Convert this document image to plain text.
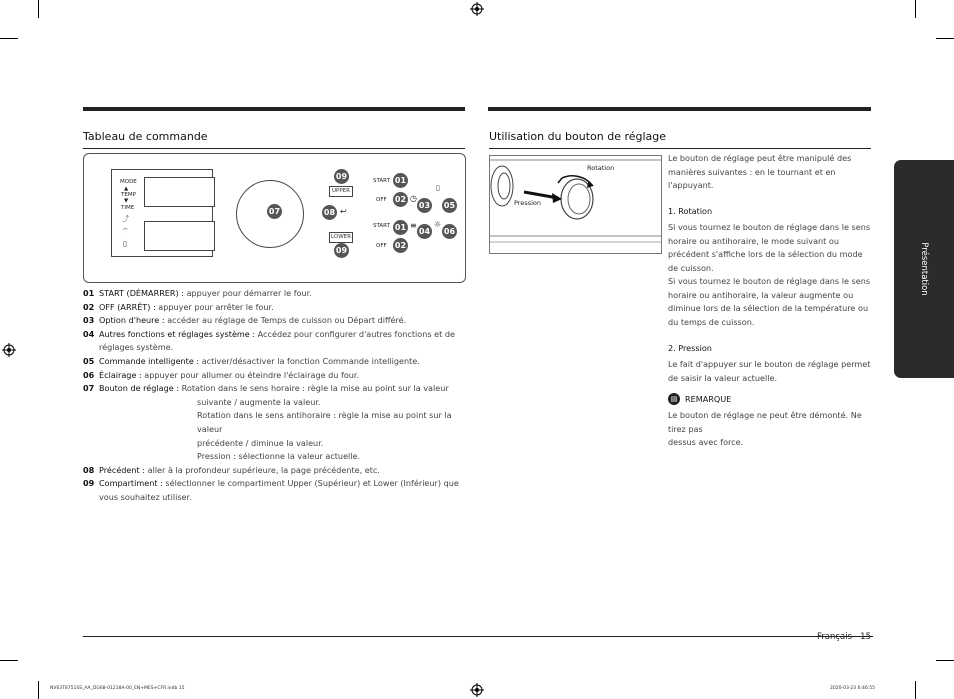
Tableau de commande
MODE
TEMP
TIME
▲
▼
⤴
⌔
▯
07
09
UPPER
08 ↩
LOWER
09
START 01
OFF 02 ◷
03
▯
05
START 01 ≡
04
☼
06
OFF 02
01 START (DÉMARRER) : appuyer pour démarrer le four.
02 OFF (ARRÊT) : appuyer pour arrêter le four.
03 Option d'heure : accéder au réglage de Temps de cuisson ou Départ différé.
04 Autres fonctions et réglages système : Accédez pour configurer d'autres fonctions et de réglages système.
05 Commande intelligente : activer/désactiver la fonction Commande intelligente.
06 Éclairage : appuyer pour allumer ou éteindre l'éclairage du four.
07 Bouton de réglage : Rotation dans le sens horaire : règle la mise au point sur la valeur
suivante / augmente la valeur.
Rotation dans le sens antihoraire : règle la mise au point sur la valeur
précédente / diminue la valeur.
Pression : sélectionne la valeur actuelle.
08 Précédent : aller à la profondeur supérieure, la page précédente, etc.
09 Compartiment : sélectionner le compartiment Upper (Supérieur) et Lower (Inférieur) que vous souhaitez utiliser.
Utilisation du bouton de réglage
Rotation
Pression
Le bouton de réglage peut être manipulé des manières suivantes : en le tournant et en l'appuyant.
1. Rotation
Si vous tournez le bouton de réglage dans le sens horaire ou antihoraire, le mode suivant ou précédent s'affiche lors de la sélection du mode de cuisson.
Si vous tournez le bouton de réglage dans le sens horaire ou antihoraire, la valeur augmente ou diminue lors de la sélection de la température ou du temps de cuisson.
2. Pression
Le fait d'appuyer sur le bouton de réglage permet de saisir la valeur actuelle.
▤ REMARQUE
Le bouton de réglage ne peut être démonté. Ne tirez pas
dessus avec force.
Présentation
Français 15
NV63T8751SS_AA_DG68-01218A-00_EN+MES+CFR.indb 15	2020-03-23 6:46:55
